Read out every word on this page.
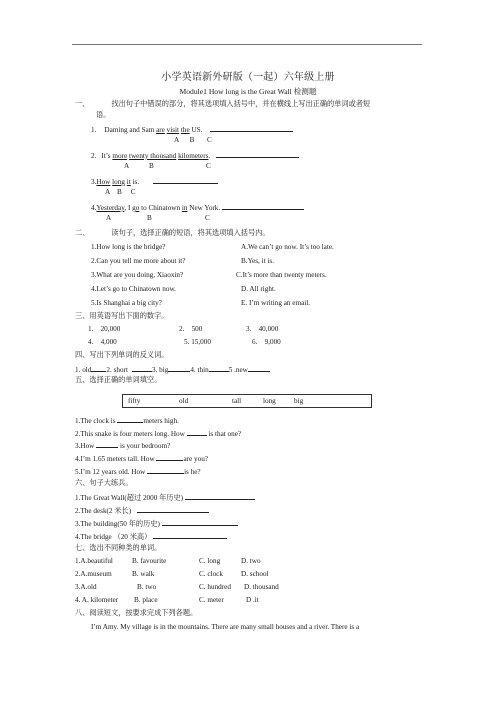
小学英语新外研版（一起）六年级上册
Module1 How long is the Great Wall 检测题
一、	找出句子中错误的部分，将其选项填入括号中，并在横线上写出正确的单词或者短
语。
1. Daming and Sam are visit the US.
A      B       C
2. It’s more twenty thousand kilometers.
A	B	C
3.How long it is.
A    B     C
4.Yesterday, I go to Chinatown in New York.
A	B	C
二、	读句子，选择正确的短语，将其选项填入括号内。
1.How long is the bridge?	A.We can’t go now. It’s too late.
2.Can you tell me more about it?	B.Yes, it is.
3.What are you doing, Xiaoxin?	C.It’s more than twenty meters.
4.Let’s go to Chinatown now.	D. All right.
5.Is Shanghai a big city?	E. I’m writing an email.
三、用英语写出下面的数字。
1.    20,000	2.    500	3.    40,000
4.    4,000	5. 15,000	6.    9,000
四、写出下列单词的反义词。
1. old 2. short	3. big	4. thin	5 .new
五、选择正确的单词填空。
fifty	old	tall	long	big
1.The clock is	meters high.
2.This snake is four meters long. How	is that one?
3.How	is your bedroom?
4.I’m 1.65 meters tall. How	are you?
5.I’m 12 years old. How	is he?
六、句子大练兵。
1.The Great Wall(超过 2000 年历史)
2.The desk(2 米长)
3.The building(50 年的历史)
4.The bridge （20 米高）
七、选出不同种类的单词。
1.A.beautiful	B. favourite	C. long	D. two
2.A.museum	B. walk	C. clock	D. school
3.A.old	B. two	C. hundred D. thousand
4. A. kilometer B. place	C. meter	D .it
八、阅读短文，按要求完成下列各题。
I’m Amy. My village is in the mountains. There are many small houses and a river. There is a
